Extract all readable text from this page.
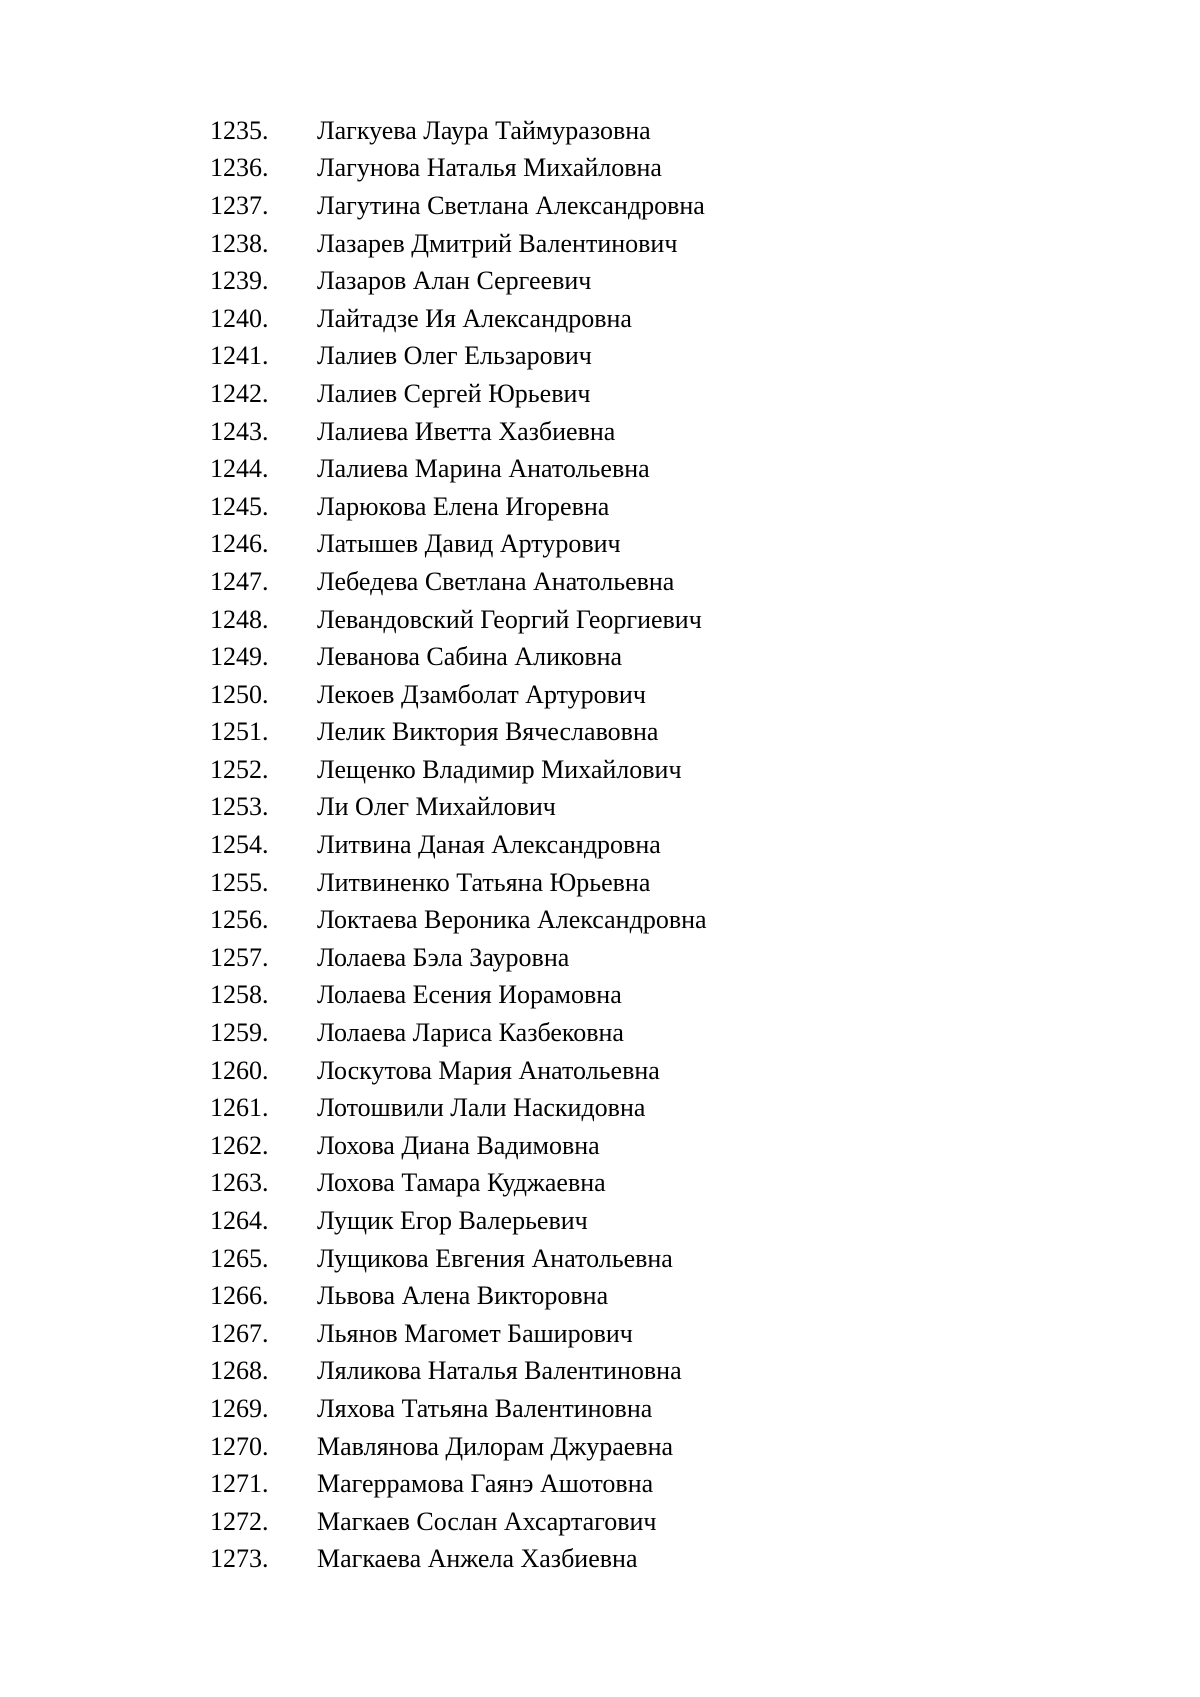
1235.	Лагкуева Лаура Таймуразовна
1236.	Лагунова Наталья Михайловна
1237.	Лагутина Светлана Александровна
1238.	Лазарев Дмитрий Валентинович
1239.	Лазаров Алан Сергеевич
1240.	Лайтадзе Ия Александровна
1241.	Лалиев Олег Ельзарович
1242.	Лалиев Сергей Юрьевич
1243.	Лалиева Иветта Хазбиевна
1244.	Лалиева Марина Анатольевна
1245.	Ларюкова Елена Игоревна
1246.	Латышев Давид Артурович
1247.	Лебедева Светлана Анатольевна
1248.	Левандовский Георгий Георгиевич
1249.	Леванова Сабина Аликовна
1250.	Лекоев Дзамболат Артурович
1251.	Лелик Виктория Вячеславовна
1252.	Лещенко Владимир Михайлович
1253.	Ли Олег Михайлович
1254.	Литвина Даная Александровна
1255.	Литвиненко Татьяна Юрьевна
1256.	Локтаева Вероника Александровна
1257.	Лолаева Бэла Зауровна
1258.	Лолаева Есения Иорамовна
1259.	Лолаева Лариса Казбековна
1260.	Лоскутова Мария Анатольевна
1261.	Лотошвили Лали Наскидовна
1262.	Лохова Диана Вадимовна
1263.	Лохова Тамара Куджаевна
1264.	Лущик Егор Валерьевич
1265.	Лущикова Евгения Анатольевна
1266.	Львова Алена Викторовна
1267.	Льянов Магомет Баширович
1268.	Ляликова Наталья Валентиновна
1269.	Ляхова Татьяна Валентиновна
1270.	Мавлянова Дилорам Джураевна
1271.	Магеррамова Гаянэ Ашотовна
1272.	Магкаев Сослан Ахсартагович
1273.	Магкаева Анжела Хазбиевна
